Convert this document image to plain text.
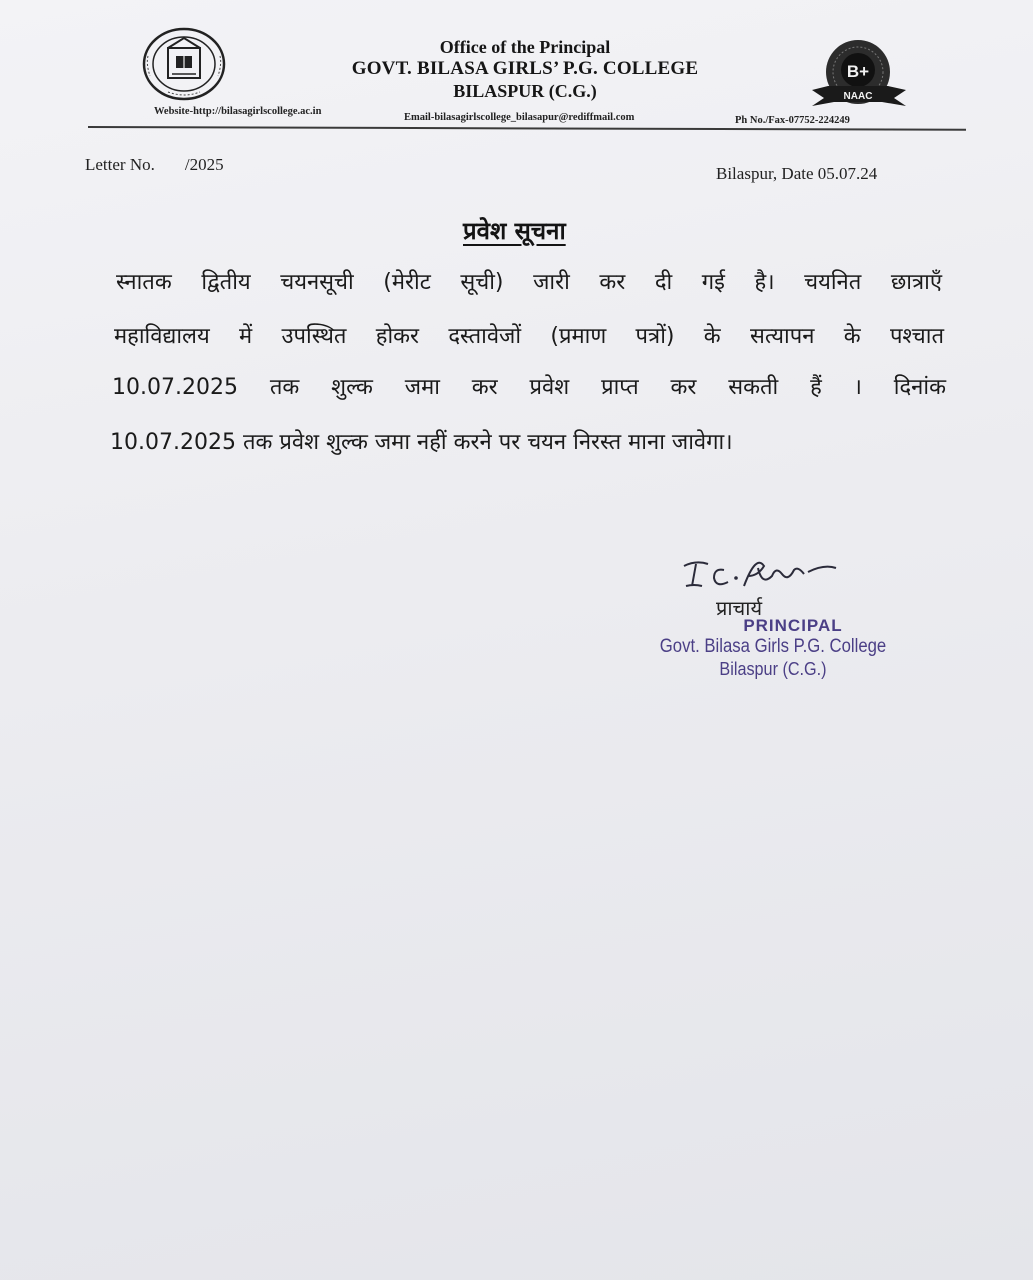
Office of the Principal
GOVT. BILASA GIRLS’ P.G. COLLEGE
BILASPUR (C.G.)
B+
NAAC
Website-http://bilasagirlscollege.ac.in
Email-bilasagirlscollege_bilasapur@rediffmail.com	Ph No./Fax-07752-224249
Letter No. /2025	Bilaspur, Date 05.07.24
प्रवेश सूचना
स्नातक द्वितीय चयनसूची (मेरीट सूची) जारी कर दी गई है। चयनित छात्राएँ
महाविद्यालय में उपस्थित होकर दस्तावेजों (प्रमाण पत्रों) के सत्यापन के पश्चात
10.07.2025 तक शुल्क जमा कर प्रवेश प्राप्त कर सकती हैं । दिनांक
10.07.2025 तक प्रवेश शुल्क जमा नहीं करने पर चयन निरस्त माना जावेगा।
प्राचार्य
PRINCIPAL
Govt. Bilasa Girls P.G. College
Bilaspur (C.G.)
